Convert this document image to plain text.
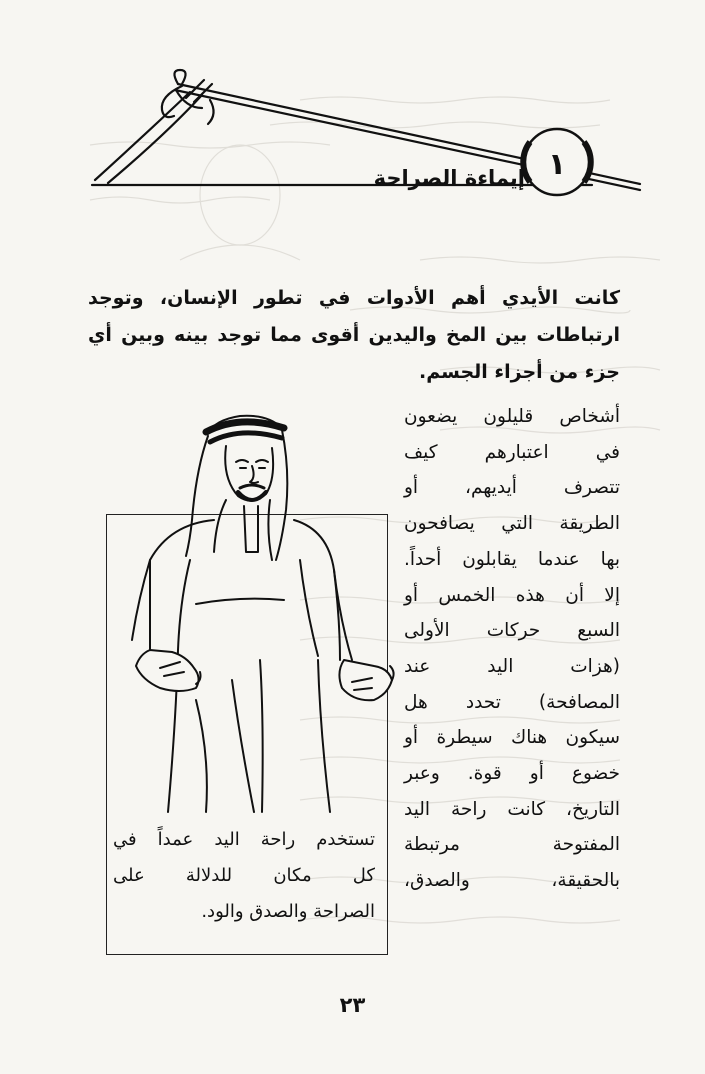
١
إيماءة الصراحة
كانت الأيدي أهم الأدوات في تطور الإنسان، وتوجد ارتباطات بين المخ واليدين أقوى مما توجد بينه وبين أي جزء من أجزاء الجسم.
أشخاص قليلون يضعون
في اعتبارهم كيف
تتصرف أيديهم، أو
الطريقة التي يصافحون
بها عندما يقابلون أحداً.
إلا أن هذه الخمس أو
السبع حركات الأولى
(هزات اليد عند
المصافحة) تحدد هل
سيكون هناك سيطرة أو
خضوع أو قوة. وعبر
التاريخ، كانت راحة اليد
المفتوحة مرتبطة
بالحقيقة، والصدق،
تستخدم راحة اليد عمداً في
كل مكان للدلالة على
الصراحة والصدق والود.
٢٣
